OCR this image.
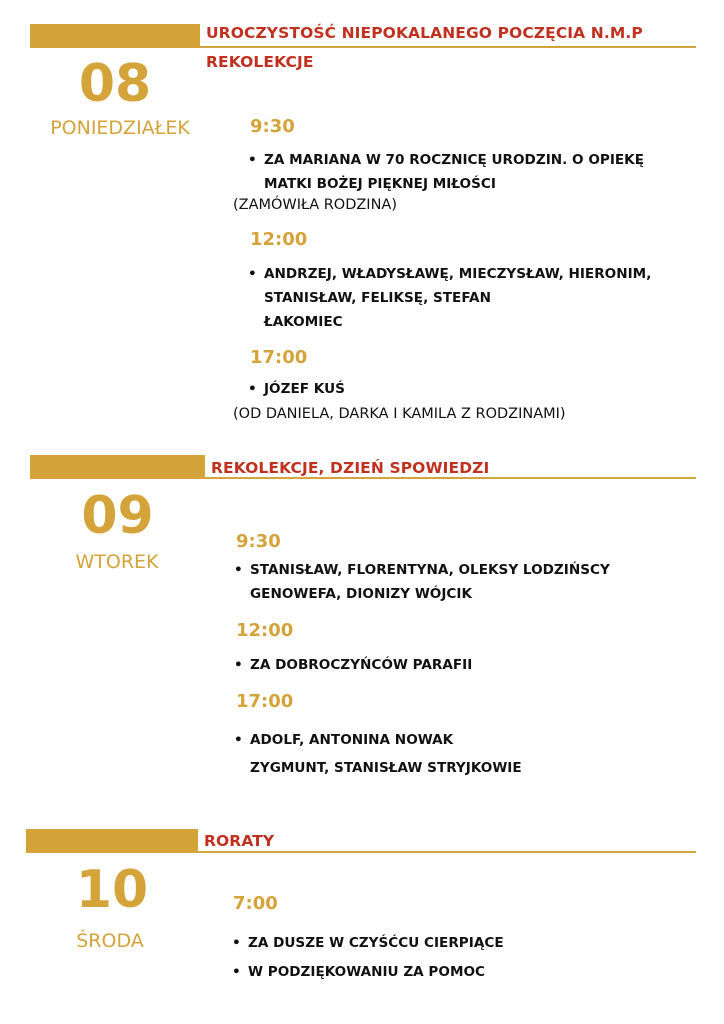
UROCZYSTOŚĆ NIEPOKALANEGO POCZĘCIA N.M.P
REKOLEKCJE
08
PONIEDZIAŁEK	9:30
• ZA MARIANA W 70 ROCZNICĘ URODZIN. O OPIEKĘ
MATKI BOŻEJ PIĘKNEJ MIŁOŚCI
(ZAMÓWIŁA RODZINA)
12:00
• ANDRZEJ, WŁADYSŁAWĘ, MIECZYSŁAW, HIERONIM,
STANISŁAW, FELIKSĘ, STEFAN
ŁAKOMIEC
17:00
• JÓZEF KUŚ
(OD DANIELA, DARKA I KAMILA Z RODZINAMI)
REKOLEKCJE, DZIEŃ SPOWIEDZI
09
WTOREK
9:30
• STANISŁAW, FLORENTYNA, OLEKSY LODZIŃSCY
GENOWEFA, DIONIZY WÓJCIK
12:00
• ZA DOBROCZYŃCÓW PARAFII
17:00
• ADOLF, ANTONINA NOWAK
ZYGMUNT, STANISŁAW STRYJKOWIE
RORATY
10
ŚRODA
7:00
• ZA DUSZE W CZYŚĆCU CIERPIĄCE
• W PODZIĘKOWANIU ZA POMOC
